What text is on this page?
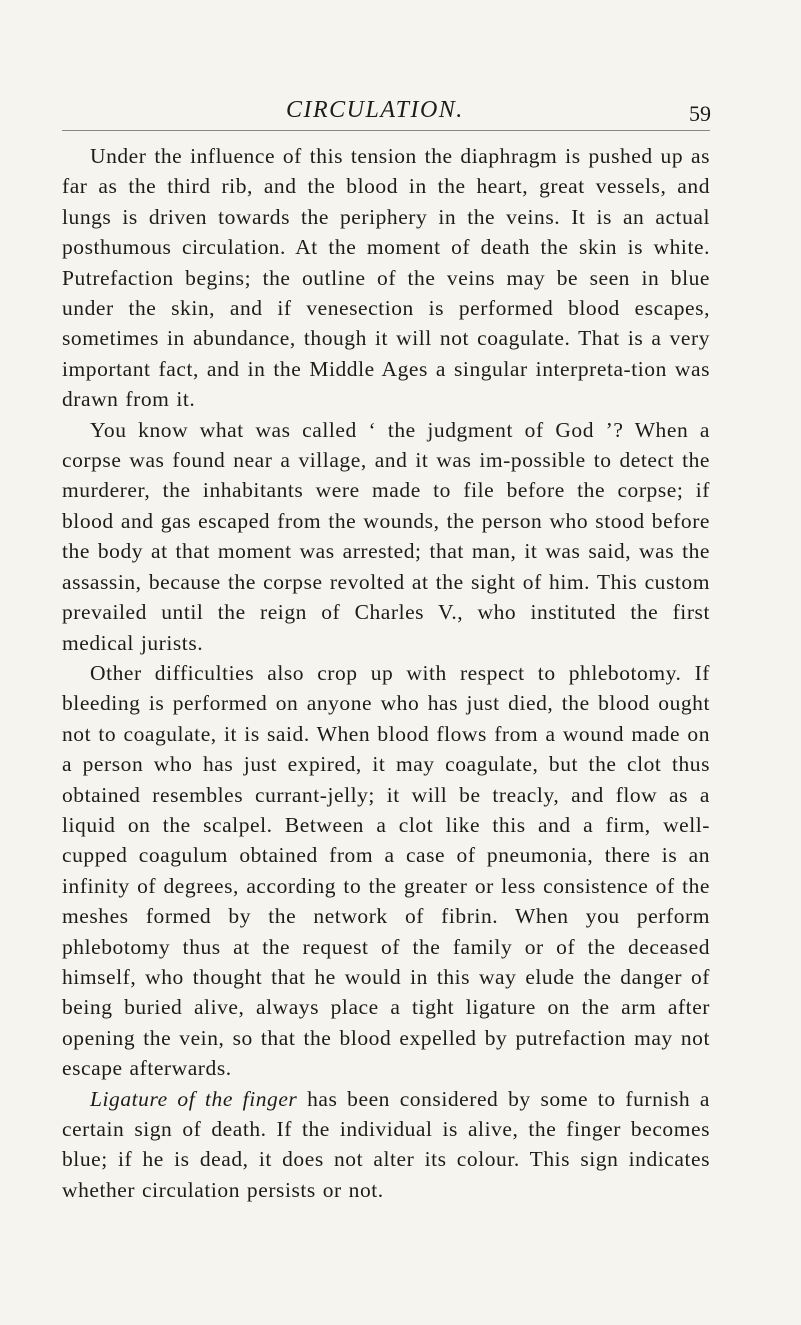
CIRCULATION.	59

Under the influence of this tension the diaphragm is pushed up as far as the third rib, and the blood in the heart, great vessels, and lungs is driven towards the periphery in the veins. It is an actual posthumous circulation. At the moment of death the skin is white. Putrefaction begins; the outline of the veins may be seen in blue under the skin, and if venesection is performed blood escapes, sometimes in abundance, though it will not coagulate. That is a very important fact, and in the Middle Ages a singular interpreta-tion was drawn from it.

You know what was called ‘ the judgment of God ’? When a corpse was found near a village, and it was im-possible to detect the murderer, the inhabitants were made to file before the corpse; if blood and gas escaped from the wounds, the person who stood before the body at that moment was arrested; that man, it was said, was the assassin, because the corpse revolted at the sight of him. This custom prevailed until the reign of Charles V., who instituted the first medical jurists.

Other difficulties also crop up with respect to phlebotomy. If bleeding is performed on anyone who has just died, the blood ought not to coagulate, it is said. When blood flows from a wound made on a person who has just expired, it may coagulate, but the clot thus obtained resembles currant-jelly; it will be treacly, and flow as a liquid on the scalpel. Between a clot like this and a firm, well-cupped coagulum obtained from a case of pneumonia, there is an infinity of degrees, according to the greater or less consistence of the meshes formed by the network of fibrin. When you perform phlebotomy thus at the request of the family or of the deceased himself, who thought that he would in this way elude the danger of being buried alive, always place a tight ligature on the arm after opening the vein, so that the blood expelled by putrefaction may not escape afterwards.

Ligature of the finger has been considered by some to furnish a certain sign of death. If the individual is alive, the finger becomes blue; if he is dead, it does not alter its colour. This sign indicates whether circulation persists or not.
